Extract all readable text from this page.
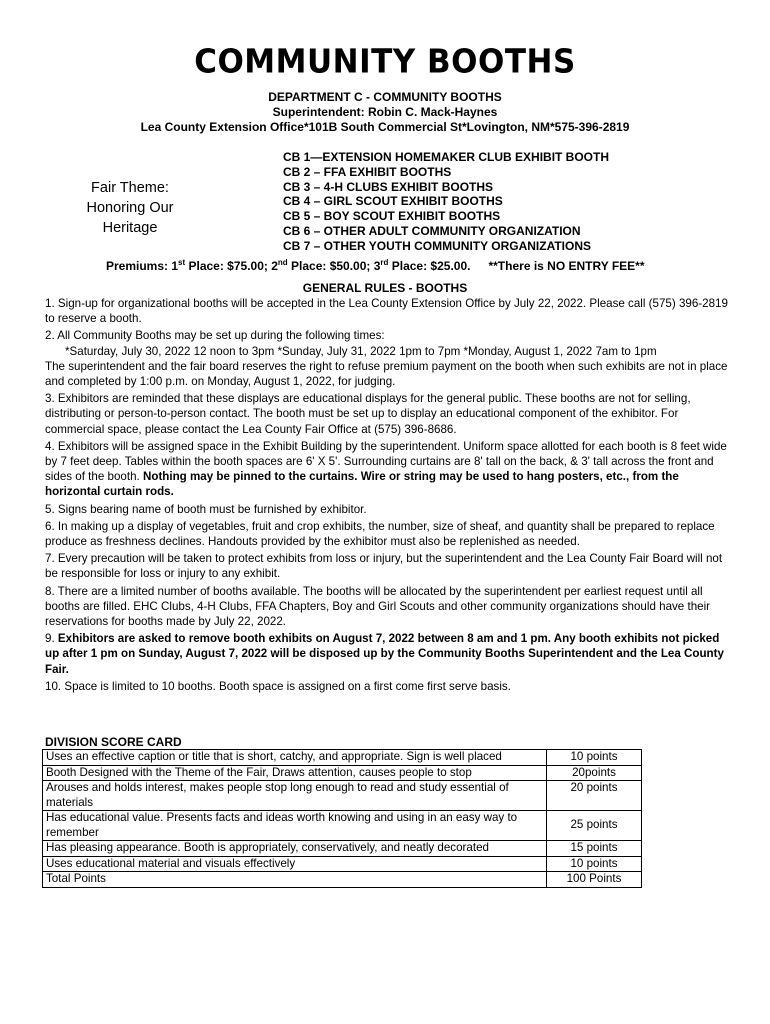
COMMUNITY BOOTHS
DEPARTMENT C - COMMUNITY BOOTHS
Superintendent: Robin C. Mack-Haynes
Lea County Extension Office*101B South Commercial St*Lovington, NM*575-396-2819
Fair Theme:
Honoring Our
Heritage
CB 1—EXTENSION HOMEMAKER CLUB EXHIBIT BOOTH
CB 2 – FFA EXHIBIT BOOTHS
CB 3 – 4-H CLUBS EXHIBIT BOOTHS
CB 4 – GIRL SCOUT EXHIBIT BOOTHS
CB 5 – BOY SCOUT EXHIBIT BOOTHS
CB 6 – OTHER ADULT COMMUNITY ORGANIZATION
CB 7 – OTHER YOUTH COMMUNITY ORGANIZATIONS
Premiums: 1st Place: $75.00; 2nd Place: $50.00; 3rd Place: $25.00. **There is NO ENTRY FEE**
GENERAL RULES - BOOTHS

1. Sign-up for organizational booths will be accepted in the Lea County Extension Office by July 22, 2022. Please call (575) 396-2819 to reserve a booth.

2. All Community Booths may be set up during the following times:

*Saturday, July 30, 2022 12 noon to 3pm *Sunday, July 31, 2022 1pm to 7pm *Monday, August 1, 2022 7am to 1pm

The superintendent and the fair board reserves the right to refuse premium payment on the booth when such exhibits are not in place and completed by 1:00 p.m. on Monday, August 1, 2022, for judging.

3. Exhibitors are reminded that these displays are educational displays for the general public. These booths are not for selling, distributing or person-to-person contact. The booth must be set up to display an educational component of the exhibitor. For commercial space, please contact the Lea County Fair Office at (575) 396-8686.

4. Exhibitors will be assigned space in the Exhibit Building by the superintendent. Uniform space allotted for each booth is 8 feet wide by 7 feet deep. Tables within the booth spaces are 6' X 5'. Surrounding curtains are 8' tall on the back, & 3' tall across the front and sides of the booth. Nothing may be pinned to the curtains. Wire or string may be used to hang posters, etc., from the horizontal curtain rods.

5. Signs bearing name of booth must be furnished by exhibitor.

6. In making up a display of vegetables, fruit and crop exhibits, the number, size of sheaf, and quantity shall be prepared to replace produce as freshness declines. Handouts provided by the exhibitor must also be replenished as needed.

7. Every precaution will be taken to protect exhibits from loss or injury, but the superintendent and the Lea County Fair Board will not be responsible for loss or injury to any exhibit.

8. There are a limited number of booths available. The booths will be allocated by the superintendent per earliest request until all booths are filled. EHC Clubs, 4-H Clubs, FFA Chapters, Boy and Girl Scouts and other community organizations should have their reservations for booths made by July 22, 2022.

9. Exhibitors are asked to remove booth exhibits on August 7, 2022 between 8 am and 1 pm. Any booth exhibits not picked up after 1 pm on Sunday, August 7, 2022 will be disposed up by the Community Booths Superintendent and the Lea County Fair.

10. Space is limited to 10 booths. Booth space is assigned on a first come first serve basis.

DIVISION SCORE CARD
Uses an effective caption or title that is short, catchy, and appropriate. Sign is well placed	10 points
Booth Designed with the Theme of the Fair, Draws attention, causes people to stop	20points
Arouses and holds interest, makes people stop long enough to read and study essential of materials	20 points
Has educational value. Presents facts and ideas worth knowing and using in an easy way to remember	25 points
Has pleasing appearance. Booth is appropriately, conservatively, and neatly decorated	15 points
Uses educational material and visuals effectively	10 points
Total Points	100 Points
